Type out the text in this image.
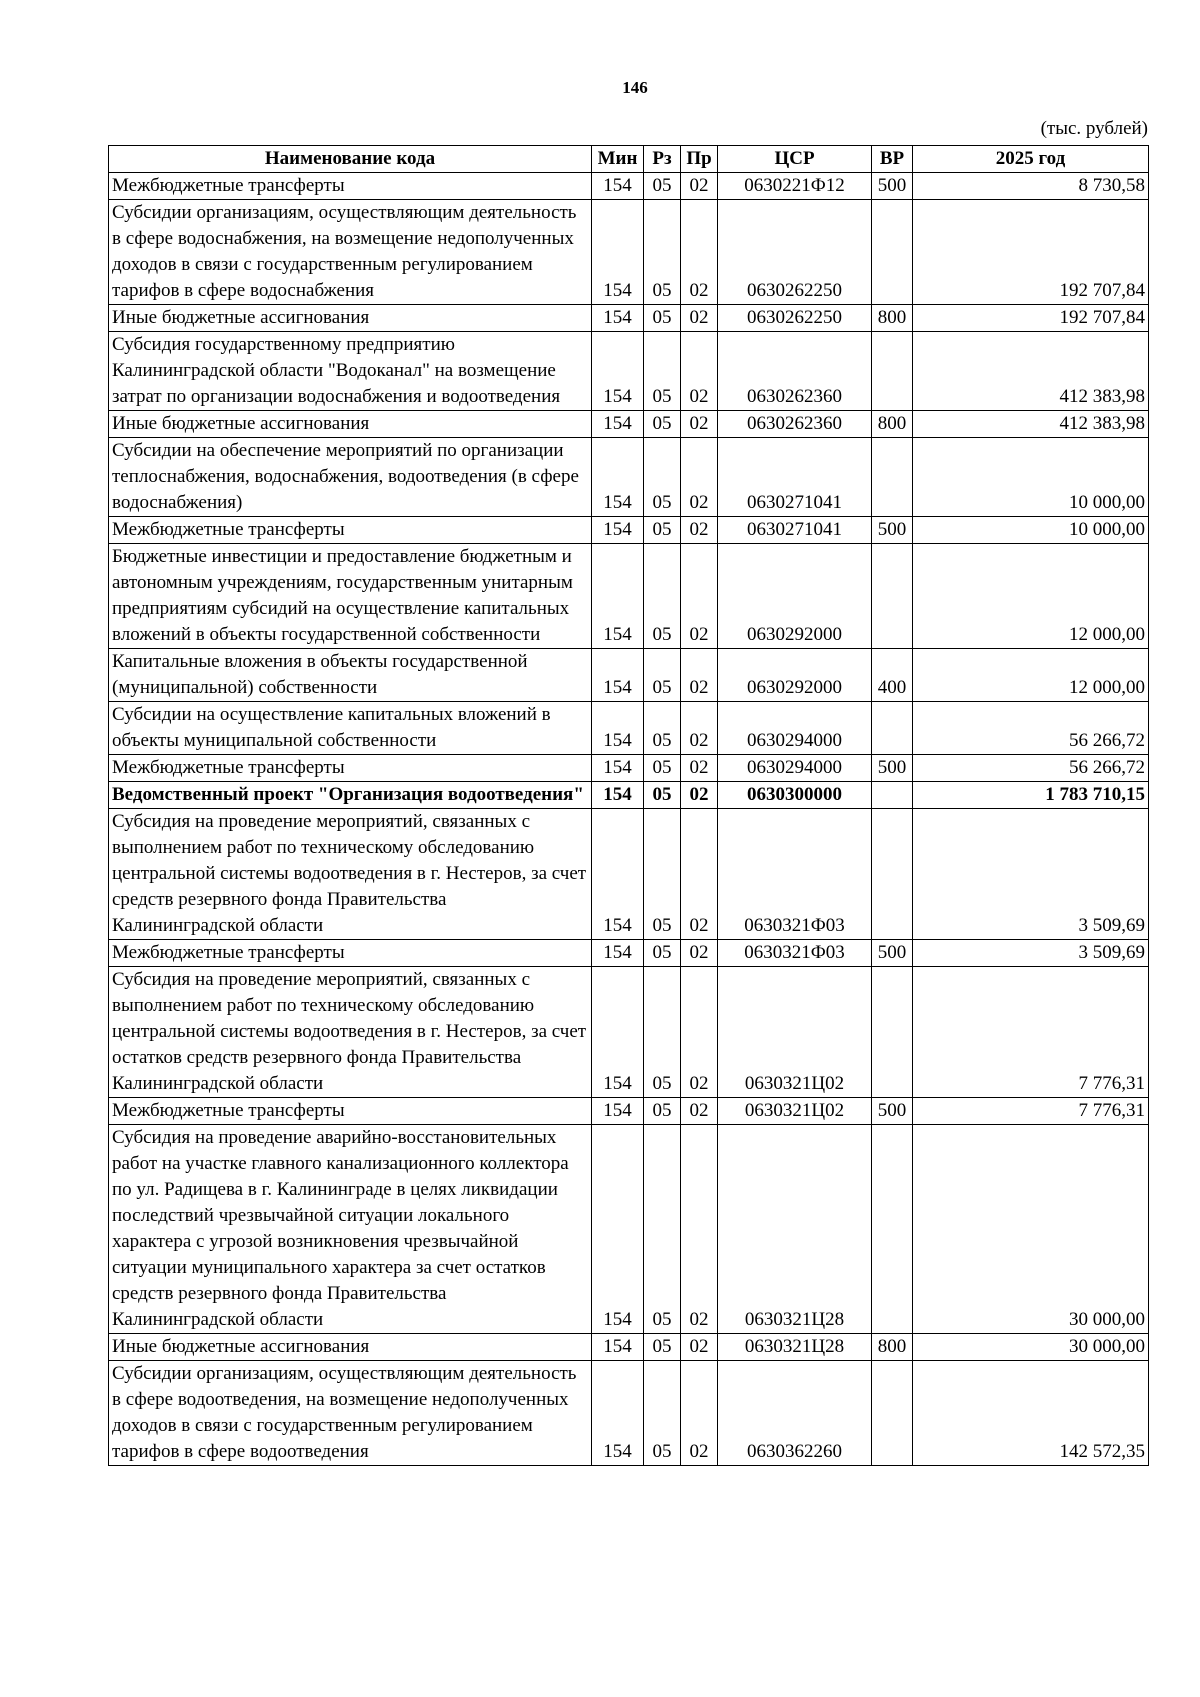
146
(тыс. рублей)
Наименование кода	Мин	Рз	Пр	ЦСР	ВР	2025 год
Межбюджетные трансферты	154	05	02	0630221Ф12	500	8 730,58
Субсидии организациям, осуществляющим деятельность в сфере водоснабжения, на возмещение недополученных доходов в связи с государственным регулированием тарифов в сфере водоснабжения	154	05	02	0630262250		192 707,84
Иные бюджетные ассигнования	154	05	02	0630262250	800	192 707,84
Субсидия государственному предприятию Калининградской области "Водоканал" на возмещение затрат по организации водоснабжения и водоотведения	154	05	02	0630262360		412 383,98
Иные бюджетные ассигнования	154	05	02	0630262360	800	412 383,98
Субсидии на обеспечение мероприятий по организации теплоснабжения, водоснабжения, водоотведения (в сфере водоснабжения)	154	05	02	0630271041		10 000,00
Межбюджетные трансферты	154	05	02	0630271041	500	10 000,00
Бюджетные инвестиции и предоставление бюджетным и автономным учреждениям, государственным унитарным предприятиям субсидий на осуществление капитальных вложений в объекты государственной собственности	154	05	02	0630292000		12 000,00
Капитальные вложения в объекты государственной (муниципальной) собственности	154	05	02	0630292000	400	12 000,00
Субсидии на осуществление капитальных вложений в объекты муниципальной собственности	154	05	02	0630294000		56 266,72
Межбюджетные трансферты	154	05	02	0630294000	500	56 266,72
Ведомственный проект "Организация водоотведения"	154	05	02	0630300000		1 783 710,15
Субсидия на проведение мероприятий, связанных с выполнением работ по техническому обследованию центральной системы водоотведения в г. Нестеров, за счет средств резервного фонда Правительства Калининградской области	154	05	02	0630321Ф03		3 509,69
Межбюджетные трансферты	154	05	02	0630321Ф03	500	3 509,69
Субсидия на проведение мероприятий, связанных с выполнением работ по техническому обследованию центральной системы водоотведения в г. Нестеров, за счет остатков средств резервного фонда Правительства Калининградской области	154	05	02	0630321Ц02		7 776,31
Межбюджетные трансферты	154	05	02	0630321Ц02	500	7 776,31
Субсидия на проведение аварийно-восстановительных работ на участке главного канализационного коллектора по ул. Радищева в г. Калининграде в целях ликвидации последствий чрезвычайной ситуации локального характера с угрозой возникновения чрезвычайной ситуации муниципального характера за счет остатков средств резервного фонда Правительства Калининградской области	154	05	02	0630321Ц28		30 000,00
Иные бюджетные ассигнования	154	05	02	0630321Ц28	800	30 000,00
Субсидии организациям, осуществляющим деятельность в сфере водоотведения, на возмещение недополученных доходов в связи с государственным регулированием тарифов в сфере водоотведения	154	05	02	0630362260		142 572,35
